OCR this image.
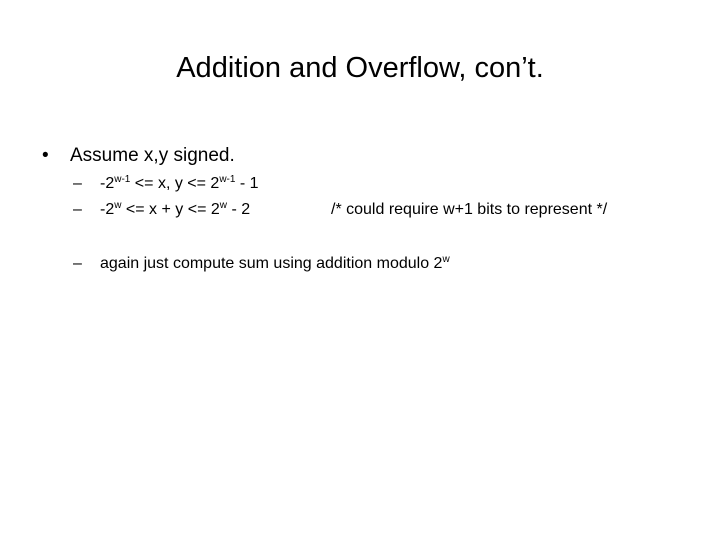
Addition and Overflow, con’t.
• Assume x,y signed.
– $-2^{w-1} <= x$, $y <= 2^{w-1} - 1$
– $-2^w <= x + y <= 2^w - 2$	/* could require w+1 bits to represent */
– again just compute sum using addition modulo 2$^w$
